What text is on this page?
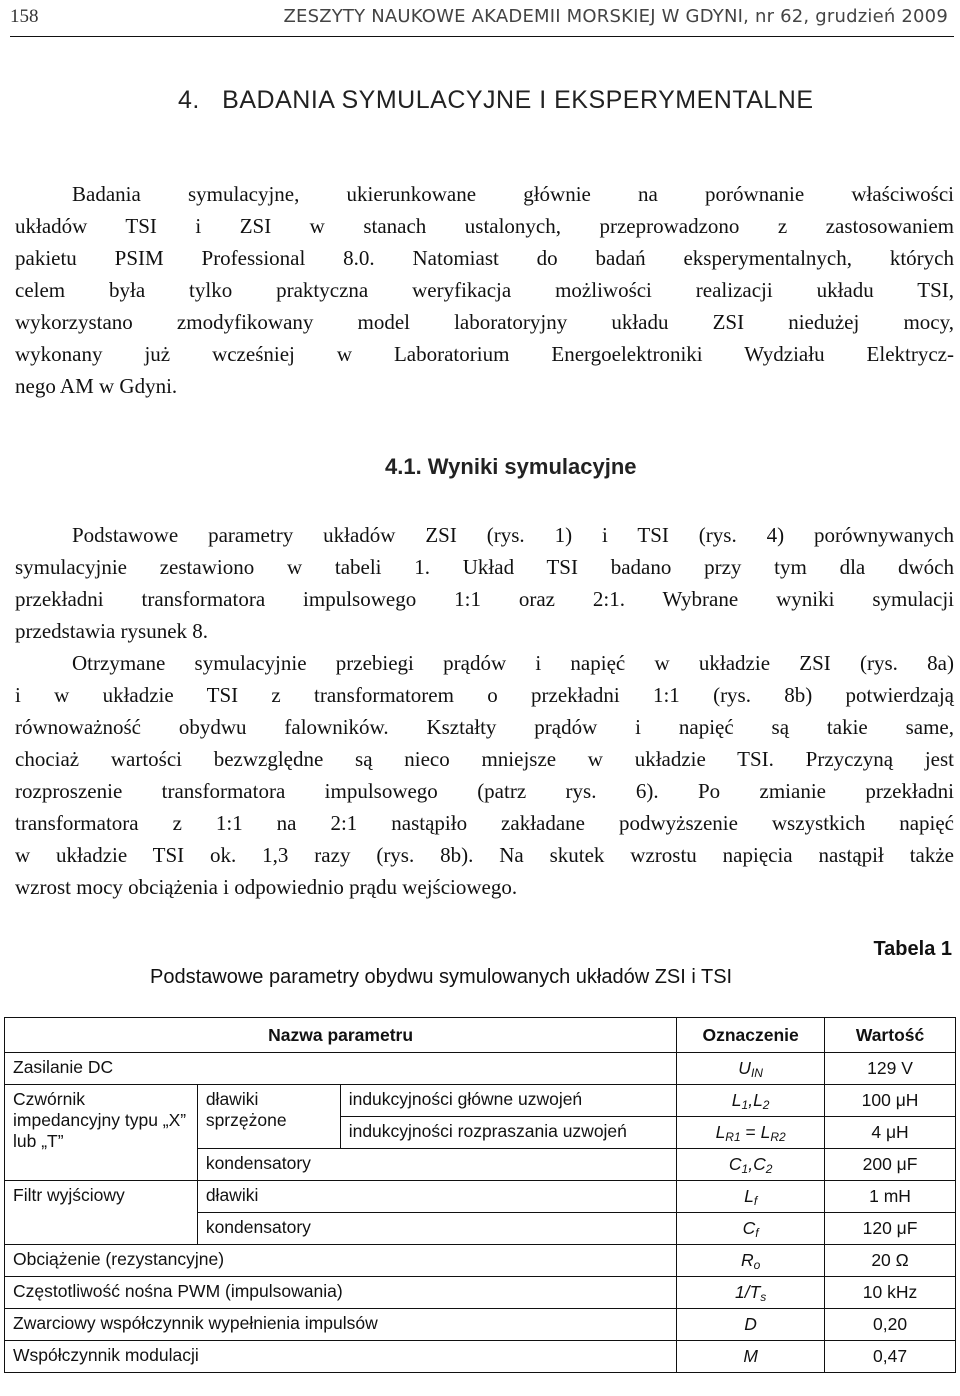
158	ZESZYTY NAUKOWE AKADEMII MORSKIEJ W GDYNI, nr 62, grudzień 2009
4.   BADANIA SYMULACYJNE I EKSPERYMENTALNE
Badania symulacyjne, ukierunkowane głównie na porównanie właściwości
układów TSI i ZSI w stanach ustalonych, przeprowadzono z zastosowaniem
pakietu PSIM Professional 8.0. Natomiast do badań eksperymentalnych, których
celem była tylko praktyczna weryfikacja możliwości realizacji układu TSI,
wykorzystano zmodyfikowany model laboratoryjny układu ZSI niedużej mocy,
wykonany już wcześniej w Laboratorium Energoelektroniki Wydziału Elektrycz-
nego AM w Gdyni.
4.1. Wyniki symulacyjne
Podstawowe parametry układów ZSI (rys. 1) i TSI (rys. 4) porównywanych
symulacyjnie zestawiono w tabeli 1. Układ TSI badano przy tym dla dwóch
przekładni transformatora impulsowego 1:1 oraz 2:1. Wybrane wyniki symulacji
przedstawia rysunek 8.
Otrzymane symulacyjnie przebiegi prądów i napięć w układzie ZSI (rys. 8a)
i w układzie TSI z transformatorem o przekładni 1:1 (rys. 8b) potwierdzają
równoważność obydwu falowników. Kształty prądów i napięć są takie same,
chociaż wartości bezwzględne są nieco mniejsze w układzie TSI. Przyczyną jest
rozproszenie transformatora impulsowego (patrz rys. 6). Po zmianie przekładni
transformatora z 1:1 na 2:1 nastąpiło zakładane podwyższenie wszystkich napięć
w układzie TSI ok. 1,3 razy (rys. 8b). Na skutek wzrostu napięcia nastąpił także
wzrost mocy obciążenia i odpowiednio prądu wejściowego.
Tabela 1
Podstawowe parametry obydwu symulowanych układów ZSI i TSI
Nazwa parametru			Oznaczenie	Wartość
Zasilanie DC			$U_{IN}$	129 V
Czwórnik impedancyjny typu „X” lub „T”	dławiki sprzężone	indukcyjności główne uzwojeń	$L_1,L_2$	100 μH
		indukcyjności rozpraszania uzwojeń	$L_{R1} = L_{R2}$	4 μH
	kondensatory		$C_1,C_2$	200 μF
Filtr wyjściowy	dławiki		$L_f$	1 mH
	kondensatory		$C_f$	120 μF
Obciążenie (rezystancyjne)			$R_o$	20 Ω
Częstotliwość nośna PWM (impulsowania)			$1/T_s$	10 kHz
Zwarciowy współczynnik wypełnienia impulsów			D	0,20
Współczynnik modulacji			M	0,47
